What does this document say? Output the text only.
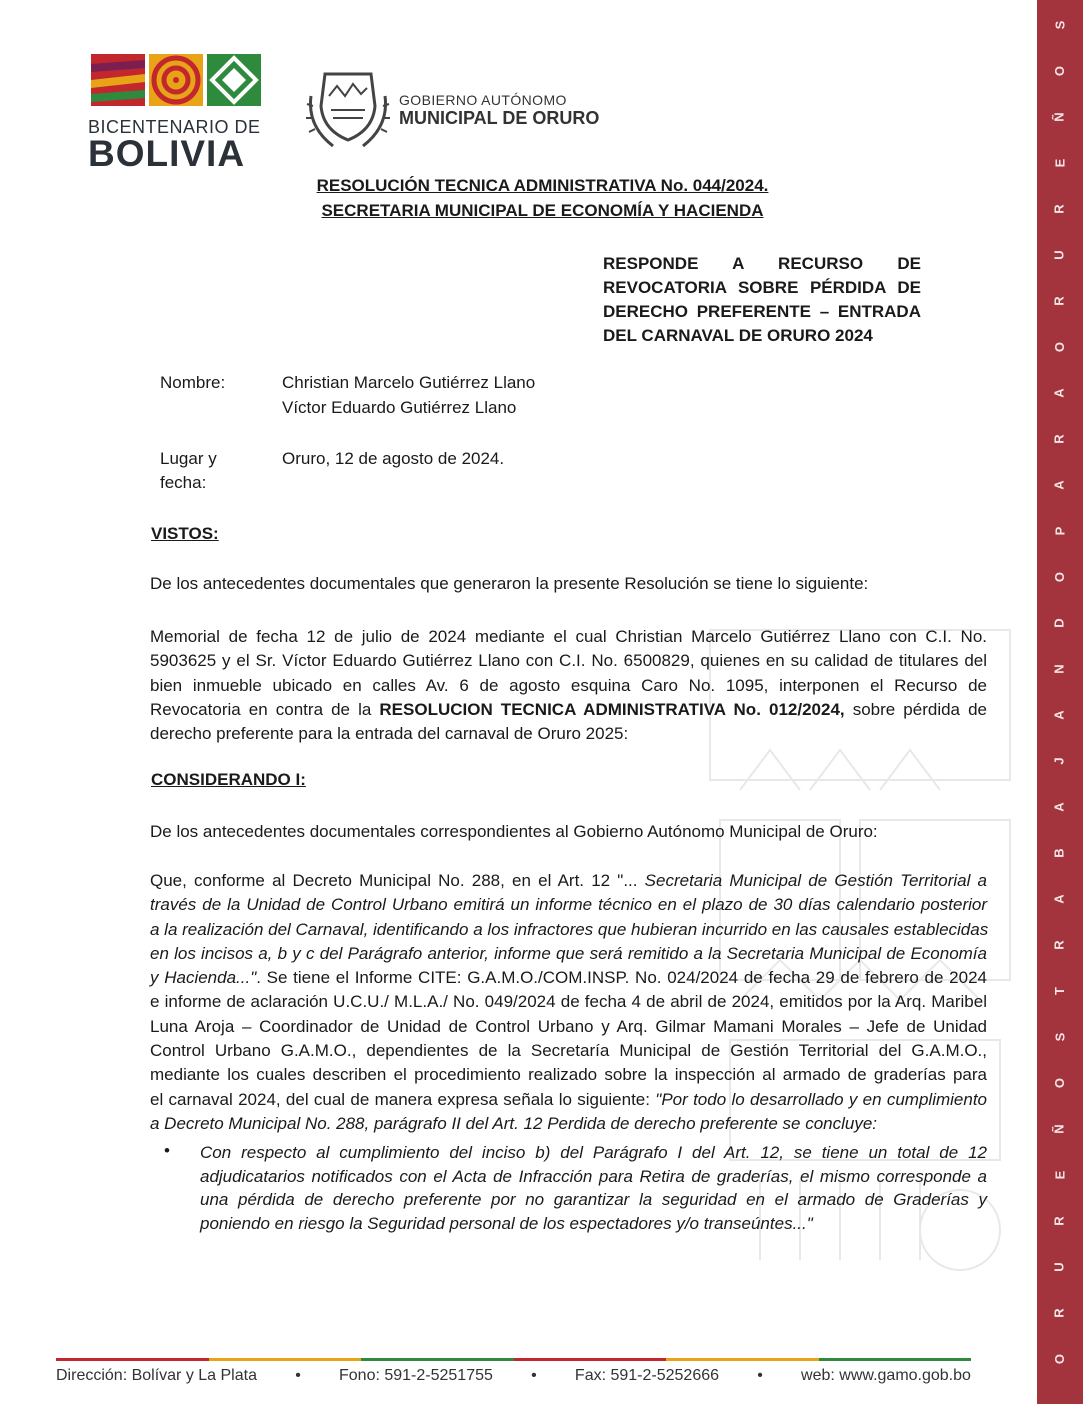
S
O
Ñ
E
R
U
R
O
A
R
A
P
O
D
N
A
J
A
B
A
R
T
S
O
Ñ
E
R
U
R
O
BICENTENARIO DE
BOLIVIA
GOBIERNO AUTÓNOMO
MUNICIPAL DE ORURO
RESOLUCIÓN TECNICA ADMINISTRATIVA No. 044/2024.
SECRETARIA MUNICIPAL DE ECONOMÍA Y HACIENDA
RESPONDE A RECURSO DE
REVOCATORIA SOBRE PÉRDIDA DE
DERECHO PREFERENTE – ENTRADA
DEL CARNAVAL DE ORURO 2024
Nombre:	Christian Marcelo Gutiérrez Llano
Víctor Eduardo Gutiérrez Llano
Lugar y
fecha:
Oruro, 12 de agosto de 2024.
VISTOS:
De los antecedentes documentales que generaron la presente Resolución se tiene lo siguiente:
Memorial de fecha 12 de julio de 2024 mediante el cual Christian Marcelo Gutiérrez Llano con C.I. No.
5903625 y el Sr. Víctor Eduardo Gutiérrez Llano con C.I. No. 6500829, quienes en su calidad de titulares del
bien inmueble ubicado en calles Av. 6 de agosto esquina Caro No. 1095, interponen el Recurso de
Revocatoria en contra de la RESOLUCION TECNICA ADMINISTRATIVA No. 012/2024, sobre pérdida de
derecho preferente para la entrada del carnaval de Oruro 2025:
CONSIDERANDO I:
De los antecedentes documentales correspondientes al Gobierno Autónomo Municipal de Oruro:
Que, conforme al Decreto Municipal No. 288, en el Art. 12 "... Secretaria Municipal de Gestión Territorial a
través de la Unidad de Control Urbano emitirá un informe técnico en el plazo de 30 días calendario posterior
a la realización del Carnaval, identificando a los infractores que hubieran incurrido en las causales establecidas
en los incisos a, b y c del Parágrafo anterior, informe que será remitido a la Secretaria Municipal de Economía
y Hacienda...". Se tiene el Informe CITE: G.A.M.O./COM.INSP. No. 024/2024 de fecha 29 de febrero de 2024
e informe de aclaración U.C.U./ M.L.A./ No. 049/2024 de fecha 4 de abril de 2024, emitidos por la Arq. Maribel
Luna Aroja – Coordinador de Unidad de Control Urbano y Arq. Gilmar Mamani Morales – Jefe de Unidad
Control Urbano G.A.M.O., dependientes de la Secretaría Municipal de Gestión Territorial del G.A.M.O.,
mediante los cuales describen el procedimiento realizado sobre la inspección al armado de graderías para
el carnaval 2024, del cual de manera expresa señala lo siguiente: "Por todo lo desarrollado y en cumplimiento
a Decreto Municipal No. 288, parágrafo II del Art. 12 Perdida de derecho preferente se concluye:
• Con respecto al cumplimiento del inciso b) del Parágrafo I del Art. 12, se tiene un total de 12
adjudicatarios notificados con el Acta de Infracción para Retira de graderías, el mismo corresponde a
una pérdida de derecho preferente por no garantizar la seguridad en el armado de Graderías y
poniendo en riesgo la Seguridad personal de los espectadores y/o transeúntes..."
Dirección: Bolívar y La Plata • Fono: 591-2-5251755 • Fax: 591-2-5252666 • web: www.gamo.gob.bo
